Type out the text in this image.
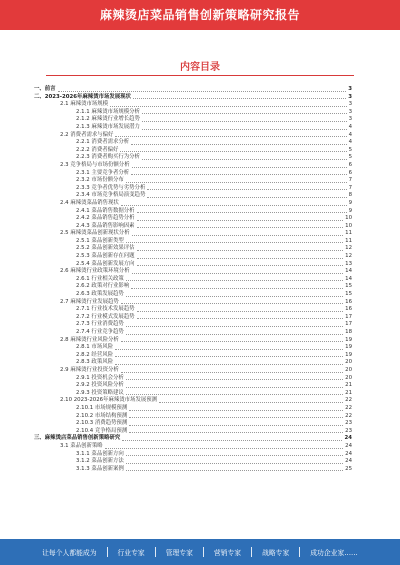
麻辣烫店菜品销售创新策略研究报告
内容目录
一、前言	3
二、2023-2026年麻辣烫市场发展现状	3
2.1 麻辣烫市场规模	3
2.1.1 麻辣烫市场规模分析	3
2.1.2 麻辣烫行业增长趋势	3
2.1.3 麻辣烫市场发展潜力	4
2.2 消费者需求与偏好	4
2.2.1 消费者需求分析	4
2.2.2 消费者偏好	5
2.2.3 消费者购买行为分析	5
2.3 竞争格局与市场份额分析	6
2.3.1 主要竞争者分析	6
2.3.2 市场份额分布	7
2.3.3 竞争者优势与劣势分析	7
2.3.4 市场竞争格局演变趋势	8
2.4 麻辣烫菜品销售现状	9
2.4.1 菜品销售数据分析	9
2.4.2 菜品销售趋势分析	10
2.4.3 菜品销售影响因素	10
2.5 麻辣烫菜品创新现状分析	11
2.5.1 菜品创新类型	11
2.5.2 菜品创新效果评估	12
2.5.3 菜品创新存在问题	12
2.5.4 菜品创新发展方向	13
2.6 麻辣烫行业政策环境分析	14
2.6.1 行业相关政策	14
2.6.2 政策对行业影响	15
2.6.3 政策发展趋势	15
2.7 麻辣烫行业发展趋势	16
2.7.1 行业技术发展趋势	16
2.7.2 行业模式发展趋势	17
2.7.3 行业消费趋势	17
2.7.4 行业竞争趋势	18
2.8 麻辣烫行业风险分析	19
2.8.1 市场风险	19
2.8.2 经营风险	19
2.8.3 政策风险	20
2.9 麻辣烫行业投资分析	20
2.9.1 投资机会分析	20
2.9.2 投资风险分析	21
2.9.3 投资策略建议	21
2.10 2023-2026年麻辣烫市场发展预测	22
2.10.1 市场规模预测	22
2.10.2 市场结构预测	22
2.10.3 消费趋势预测	23
2.10.4 竞争格局预测	23
三、麻辣烫店菜品销售创新策略研究	24
3.1 菜品创新策略	24
3.1.1 菜品创新方向	24
3.1.2 菜品创新方法	24
3.1.3 菜品创新案例	25
让每个人都能成为	行业专家	管理专家	营销专家	战略专家	成功企业家……
